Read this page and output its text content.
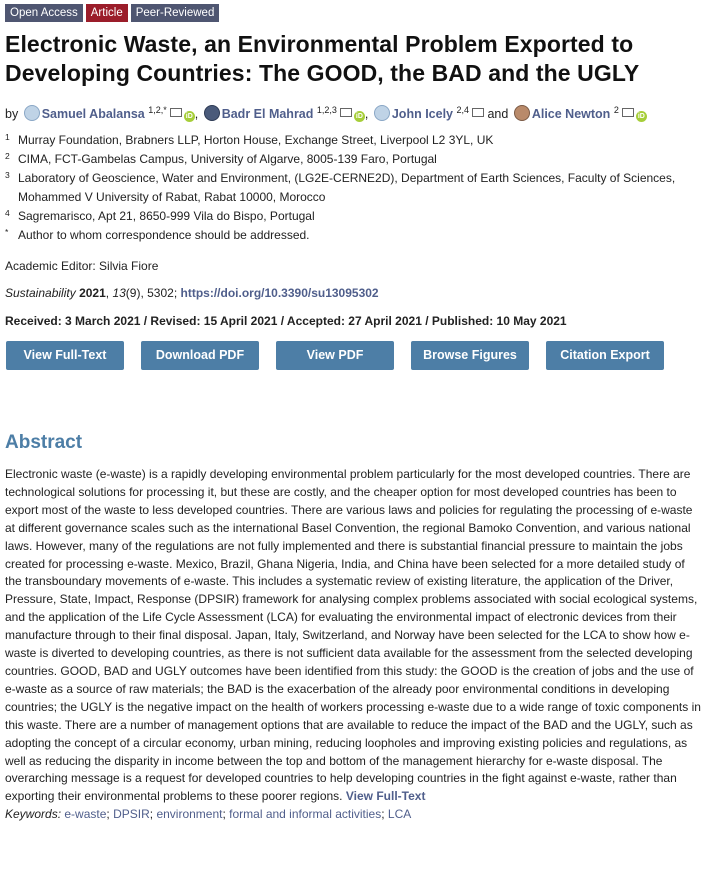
Open Access	Article	Peer-Reviewed
Electronic Waste, an Environmental Problem Exported to Developing Countries: The GOOD, the BAD and the UGLY
by Samuel Abalansa $^{1,2,*}$iD , Badr El Mahrad $^{1,2,3}$iD , John Icely $^{2,4}$ and Alice Newton $^2$iD
1 Murray Foundation, Brabners LLP, Horton House, Exchange Street, Liverpool L2 3YL, UK
2 CIMA, FCT-Gambelas Campus, University of Algarve, 8005-139 Faro, Portugal
3 Laboratory of Geoscience, Water and Environment, (LG2E-CERNE2D), Department of Earth Sciences, Faculty of Sciences, Mohammed V University of Rabat, Rabat 10000, Morocco
4 Sagremarisco, Apt 21, 8650-999 Vila do Bispo, Portugal
* Author to whom correspondence should be addressed.
Academic Editor: Silvia Fiore
Sustainability 2021, 13(9), 5302; https://doi.org/10.3390/su13095302
Received: 3 March 2021 / Revised: 15 April 2021 / Accepted: 27 April 2021 / Published: 10 May 2021
View Full-Text	Download PDF	View PDF	Browse Figures	Citation Export
Abstract
Electronic waste (e-waste) is a rapidly developing environmental problem particularly for the most developed countries. There are technological solutions for processing it, but these are costly, and the cheaper option for most developed countries has been to export most of the waste to less developed countries. There are various laws and policies for regulating the processing of e-waste at different governance scales such as the international Basel Convention, the regional Bamoko Convention, and various national laws. However, many of the regulations are not fully implemented and there is substantial financial pressure to maintain the jobs created for processing e-waste. Mexico, Brazil, Ghana Nigeria, India, and China have been selected for a more detailed study of the transboundary movements of e-waste. This includes a systematic review of existing literature, the application of the Driver, Pressure, State, Impact, Response (DPSIR) framework for analysing complex problems associated with social ecological systems, and the application of the Life Cycle Assessment (LCA) for evaluating the environmental impact of electronic devices from their manufacture through to their final disposal. Japan, Italy, Switzerland, and Norway have been selected for the LCA to show how e-waste is diverted to developing countries, as there is not sufficient data available for the assessment from the selected developing countries. GOOD, BAD and UGLY outcomes have been identified from this study: the GOOD is the creation of jobs and the use of e-waste as a source of raw materials; the BAD is the exacerbation of the already poor environmental conditions in developing countries; the UGLY is the negative impact on the health of workers processing e-waste due to a wide range of toxic components in this waste. There are a number of management options that are available to reduce the impact of the BAD and the UGLY, such as adopting the concept of a circular economy, urban mining, reducing loopholes and improving existing policies and regulations, as well as reducing the disparity in income between the top and bottom of the management hierarchy for e-waste disposal. The overarching message is a request for developed countries to help developing countries in the fight against e-waste, rather than exporting their environmental problems to these poorer regions. View Full-Text
Keywords: e-waste; DPSIR; environment; formal and informal activities; LCA
